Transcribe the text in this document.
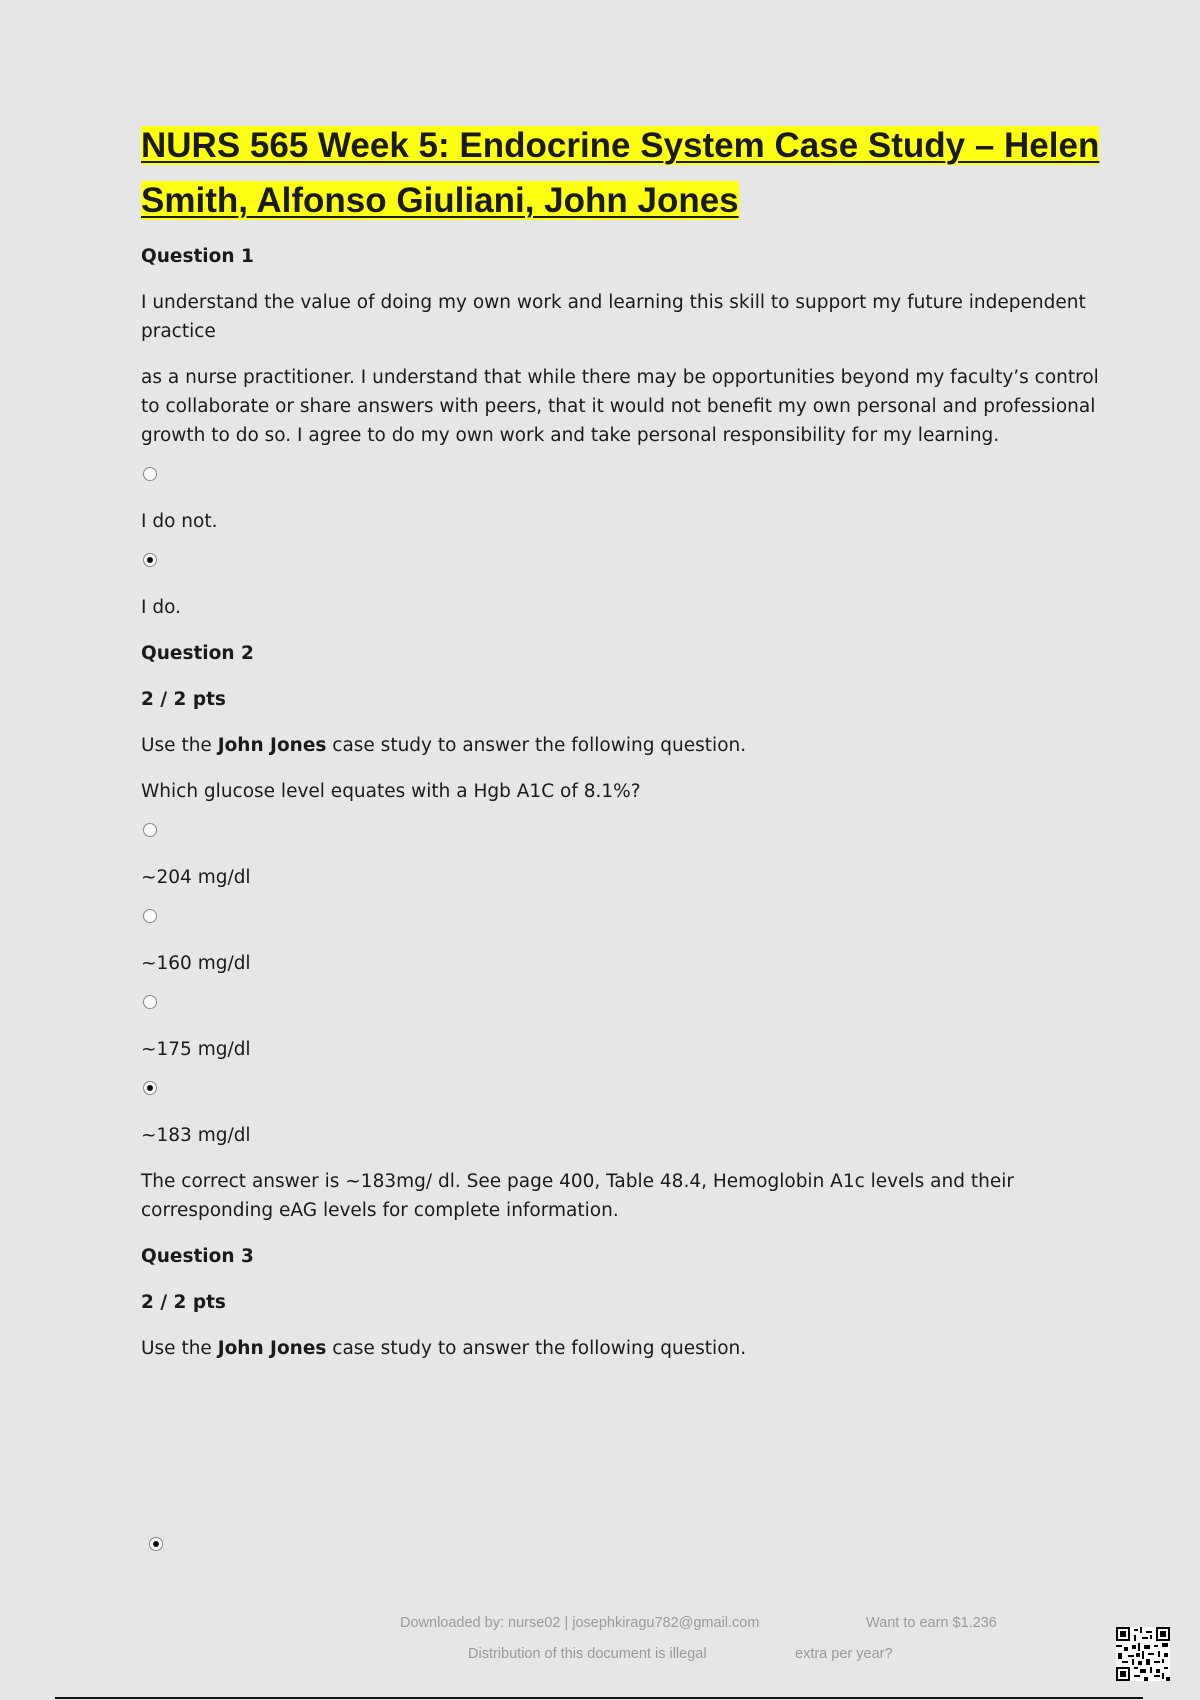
NURS 565 Week 5: Endocrine System Case Study – Helen Smith, Alfonso Giuliani, John Jones
Question 1
I understand the value of doing my own work and learning this skill to support my future independent practice
as a nurse practitioner. I understand that while there may be opportunities beyond my faculty’s control to collaborate or share answers with peers, that it would not benefit my own personal and professional growth to do so. I agree to do my own work and take personal responsibility for my learning.
I do not.
I do.
Question 2
2 / 2 pts
Use the John Jones case study to answer the following question.
Which glucose level equates with a Hgb A1C of 8.1%?
~204 mg/dl
~160 mg/dl
~175 mg/dl
~183 mg/dl
The correct answer is ~183mg/ dl. See page 400, Table 48.4, Hemoglobin A1c levels and their corresponding eAG levels for complete information.
Question 3
2 / 2 pts
Use the John Jones case study to answer the following question.
Downloaded by: nurse02 | josephkiragu782@gmail.com	Want to earn $1.236
Distribution of this document is illegal	extra per year?
